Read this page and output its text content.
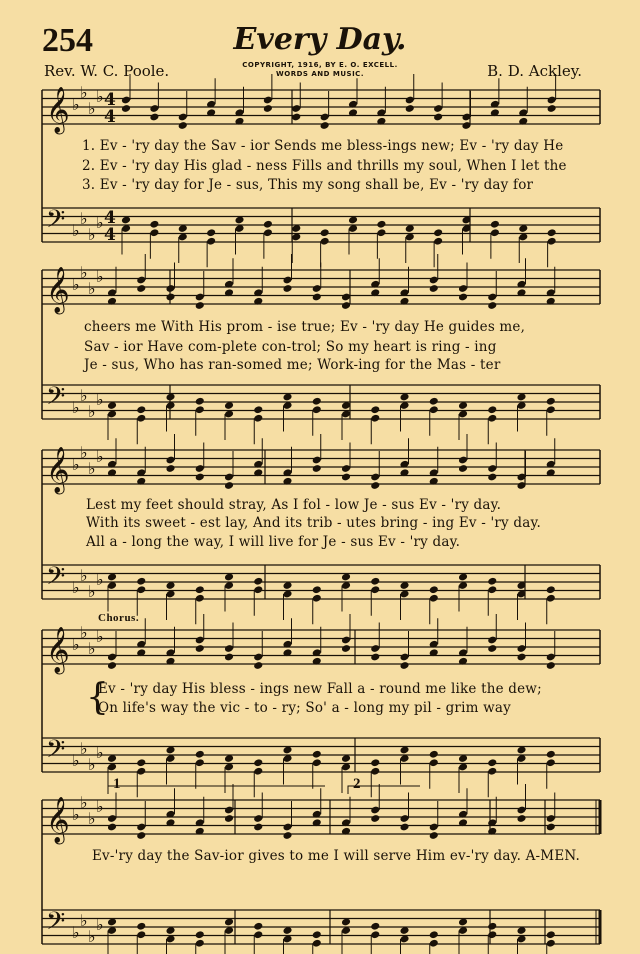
254	Every Day.
Rev. W. C. Poole.	B. D. Ackley.
COPYRIGHT, 1916, BY E. O. EXCELL.
WORDS AND MUSIC.
𝄞
𝄢
♭
♭
♭
♭
♭
♭
♭
♭
4
4
4
4
𝄞
𝄢
♭
♭
♭
♭
♭
♭
♭
♭
𝄞
𝄢
♭
♭
♭
♭
♭
♭
♭
♭
𝄞
𝄢
♭
♭
♭
♭
♭
♭
♭
♭
𝄞
𝄢
♭
♭
♭
♭
♭
♭
♭
♭
1. Ev - 'ry day the Sav - ior Sends me bless-ings new; Ev - 'ry day He
2. Ev - 'ry day His glad - ness Fills and thrills my soul, When I let the
3. Ev - 'ry day for Je - sus, This my song shall be, Ev - 'ry day for
cheers me With His prom - ise true; Ev - 'ry day He guides me,
Sav - ior Have com-plete con-trol; So my heart is ring - ing
Je - sus, Who has ran-somed me; Work-ing for the Mas - ter
Lest my feet should stray, As I fol - low Je - sus Ev - 'ry day.
With its sweet - est lay, And its trib - utes bring - ing Ev - 'ry day.
All a - long the way, I will live for Je - sus Ev - 'ry day.
Chorus.
{
Ev - 'ry day His bless - ings new Fall a - round me like the dew;
On life's way the vic - to - ry; So' a - long my pil - grim way
1	2
Ev-'ry day the Sav-ior gives to me I will serve Him ev-'ry day. A-MEN.
